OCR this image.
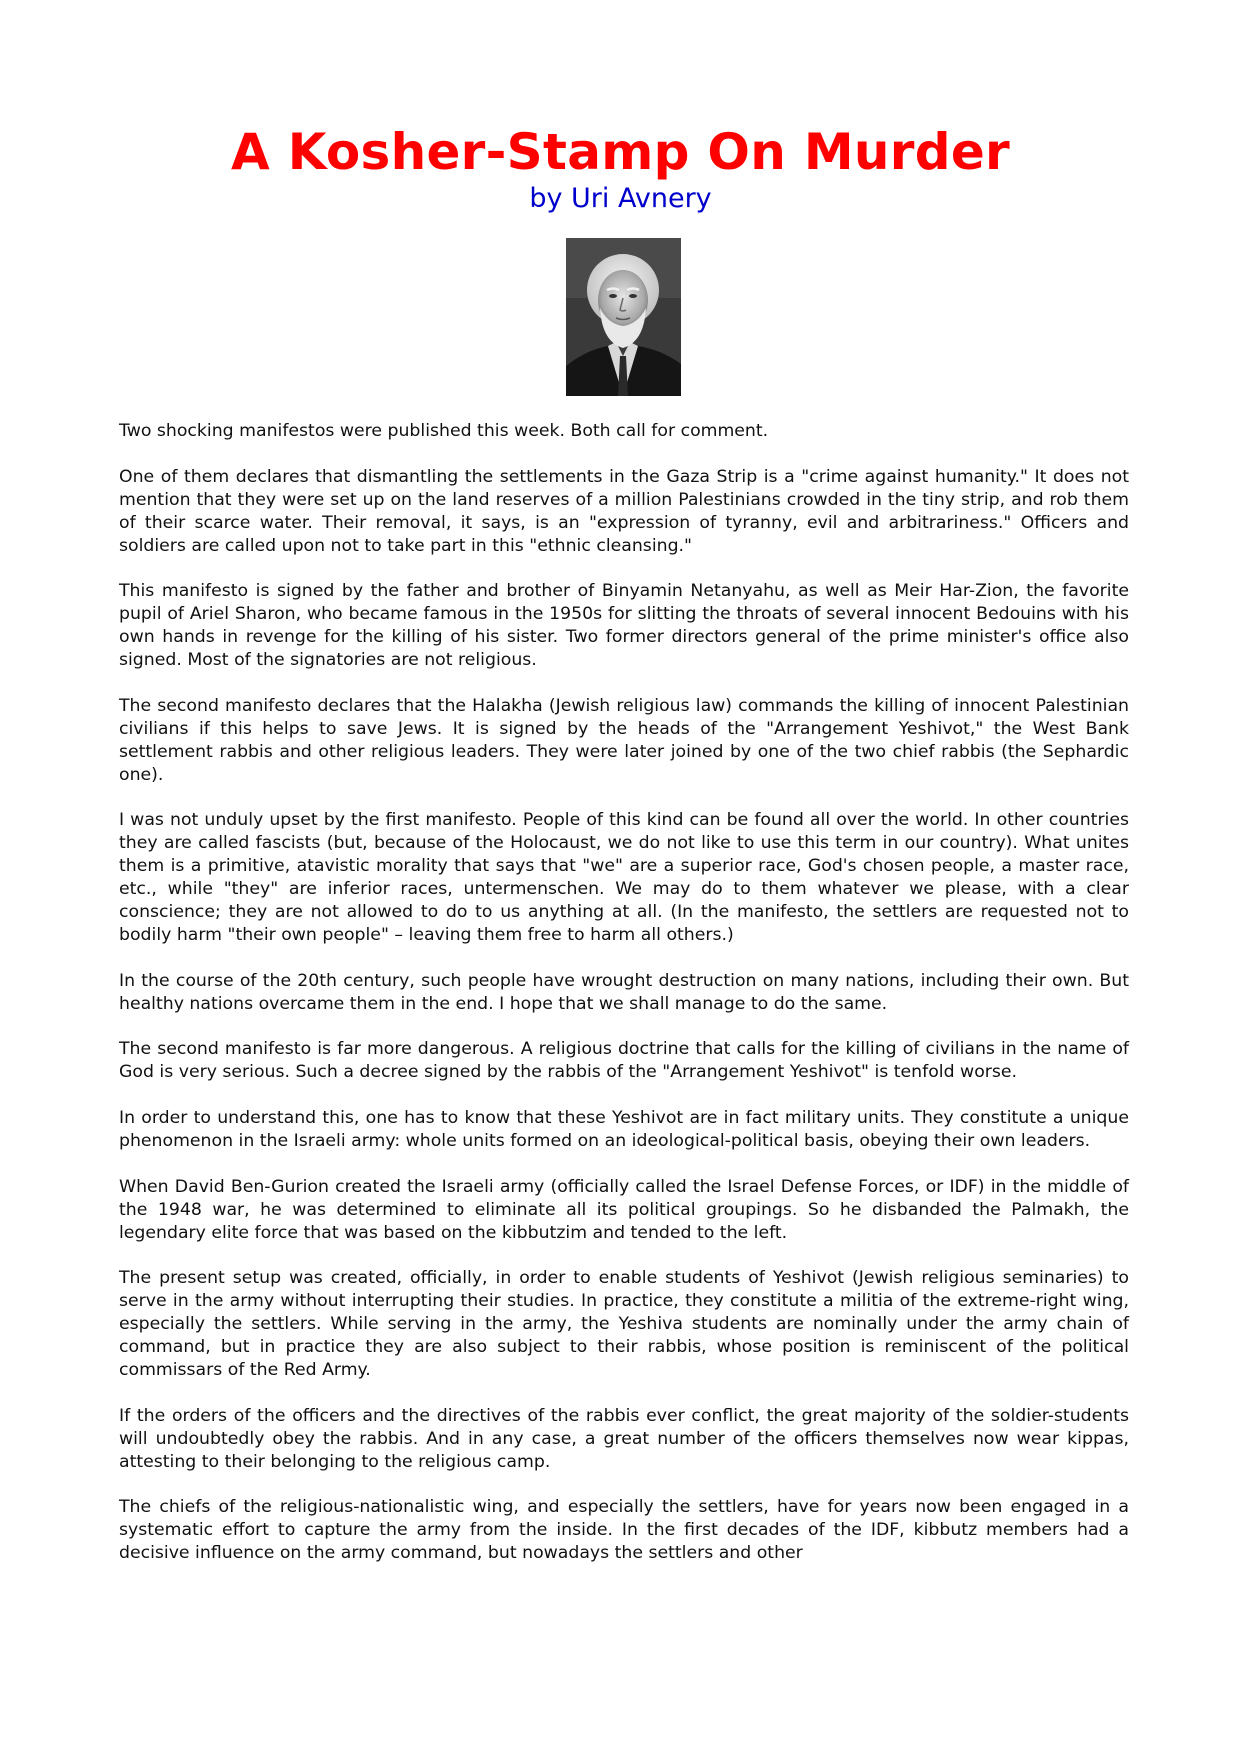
A Kosher-Stamp On Murder
by Uri Avnery

Two shocking manifestos were published this week. Both call for comment.

One of them declares that dismantling the settlements in the Gaza Strip is a "crime against humanity." It does not mention that they were set up on the land reserves of a million Palestinians crowded in the tiny strip, and rob them of their scarce water. Their removal, it says, is an "expression of tyranny, evil and arbitrariness." Officers and soldiers are called upon not to take part in this "ethnic cleansing."

This manifesto is signed by the father and brother of Binyamin Netanyahu, as well as Meir Har-Zion, the favorite pupil of Ariel Sharon, who became famous in the 1950s for slitting the throats of several innocent Bedouins with his own hands in revenge for the killing of his sister. Two former directors general of the prime minister's office also signed. Most of the signatories are not religious.

The second manifesto declares that the Halakha (Jewish religious law) commands the killing of innocent Palestinian civilians if this helps to save Jews. It is signed by the heads of the "Arrangement Yeshivot," the West Bank settlement rabbis and other religious leaders. They were later joined by one of the two chief rabbis (the Sephardic one).

I was not unduly upset by the first manifesto. People of this kind can be found all over the world. In other countries they are called fascists (but, because of the Holocaust, we do not like to use this term in our country). What unites them is a primitive, atavistic morality that says that "we" are a superior race, God's chosen people, a master race, etc., while "they" are inferior races, untermenschen. We may do to them whatever we please, with a clear conscience; they are not allowed to do to us anything at all. (In the manifesto, the settlers are requested not to bodily harm "their own people" – leaving them free to harm all others.)

In the course of the 20th century, such people have wrought destruction on many nations, including their own. But healthy nations overcame them in the end. I hope that we shall manage to do the same.

The second manifesto is far more dangerous. A religious doctrine that calls for the killing of civilians in the name of God is very serious. Such a decree signed by the rabbis of the "Arrangement Yeshivot" is tenfold worse.

In order to understand this, one has to know that these Yeshivot are in fact military units. They constitute a unique phenomenon in the Israeli army: whole units formed on an ideological-political basis, obeying their own leaders.

When David Ben-Gurion created the Israeli army (officially called the Israel Defense Forces, or IDF) in the middle of the 1948 war, he was determined to eliminate all its political groupings. So he disbanded the Palmakh, the legendary elite force that was based on the kibbutzim and tended to the left.

The present setup was created, officially, in order to enable students of Yeshivot (Jewish religious seminaries) to serve in the army without interrupting their studies. In practice, they constitute a militia of the extreme-right wing, especially the settlers. While serving in the army, the Yeshiva students are nominally under the army chain of command, but in practice they are also subject to their rabbis, whose position is reminiscent of the political commissars of the Red Army.

If the orders of the officers and the directives of the rabbis ever conflict, the great majority of the soldier-students will undoubtedly obey the rabbis. And in any case, a great number of the officers themselves now wear kippas, attesting to their belonging to the religious camp.

The chiefs of the religious-nationalistic wing, and especially the settlers, have for years now been engaged in a systematic effort to capture the army from the inside. In the first decades of the IDF, kibbutz members had a decisive influence on the army command, but nowadays the settlers and other
